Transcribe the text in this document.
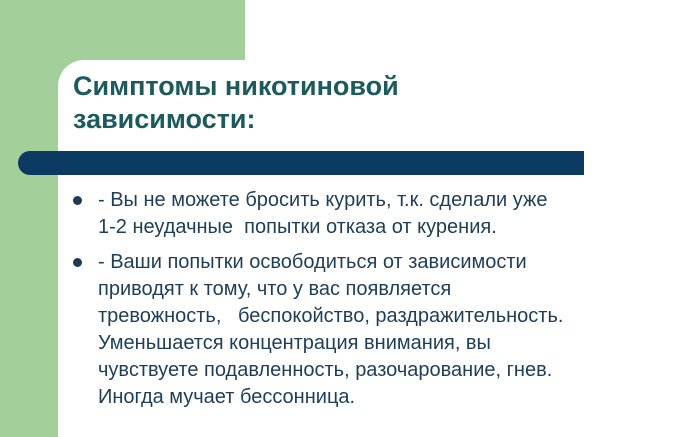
Симптомы никотиновой
зависимости:
- Вы не можете бросить курить, т.к. сделали уже
1-2 неудачные  попытки отказа от курения.
- Ваши попытки освободиться от зависимости
приводят к тому, что у вас появляется
тревожность,   беспокойство, раздражительность.
Уменьшается концентрация внимания, вы
чувствуете подавленность, разочарование, гнев.
Иногда мучает бессонница.
